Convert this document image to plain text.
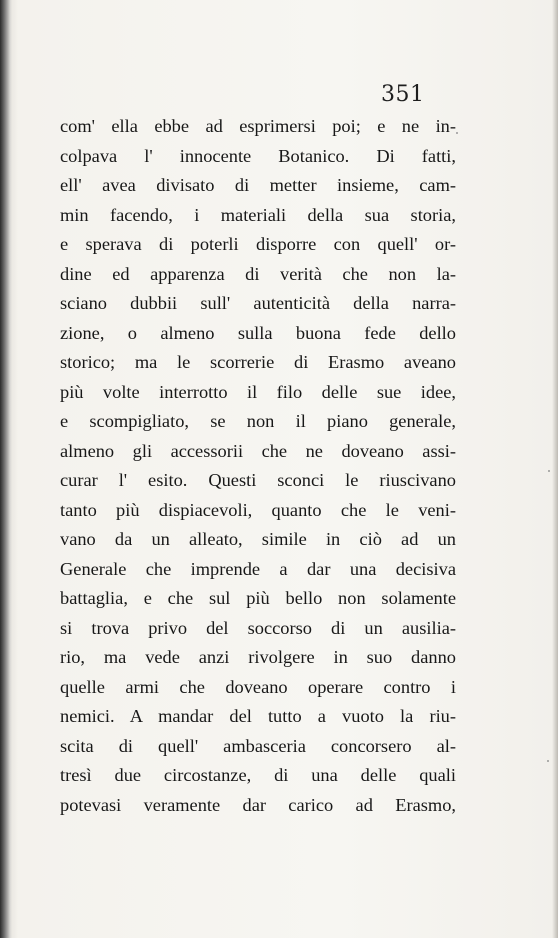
351
com' ella ebbe ad esprimersi poi; e ne in-
colpava l' innocente Botanico. Di fatti,
ell' avea divisato di metter insieme, cam-
min facendo, i materiali della sua storia,
e sperava di poterli disporre con quell' or-
dine ed apparenza di verità che non la-
sciano dubbii sull' autenticità della narra-
zione, o almeno sulla buona fede dello
storico; ma le scorrerie di Erasmo aveano
più volte interrotto il filo delle sue idee,
e scompigliato, se non il piano generale,
almeno gli accessorii che ne doveano assi-
curar l' esito. Questi sconci le riuscivano
tanto più dispiacevoli, quanto che le veni-
vano da un alleato, simile in ciò ad un
Generale che imprende a dar una decisiva
battaglia, e che sul più bello non solamente
si trova privo del soccorso di un ausilia-
rio, ma vede anzi rivolgere in suo danno
quelle armi che doveano operare contro i
nemici. A mandar del tutto a vuoto la riu-
scita di quell' ambasceria concorsero al-
tresì due circostanze, di una delle quali
potevasi veramente dar carico ad Erasmo,
